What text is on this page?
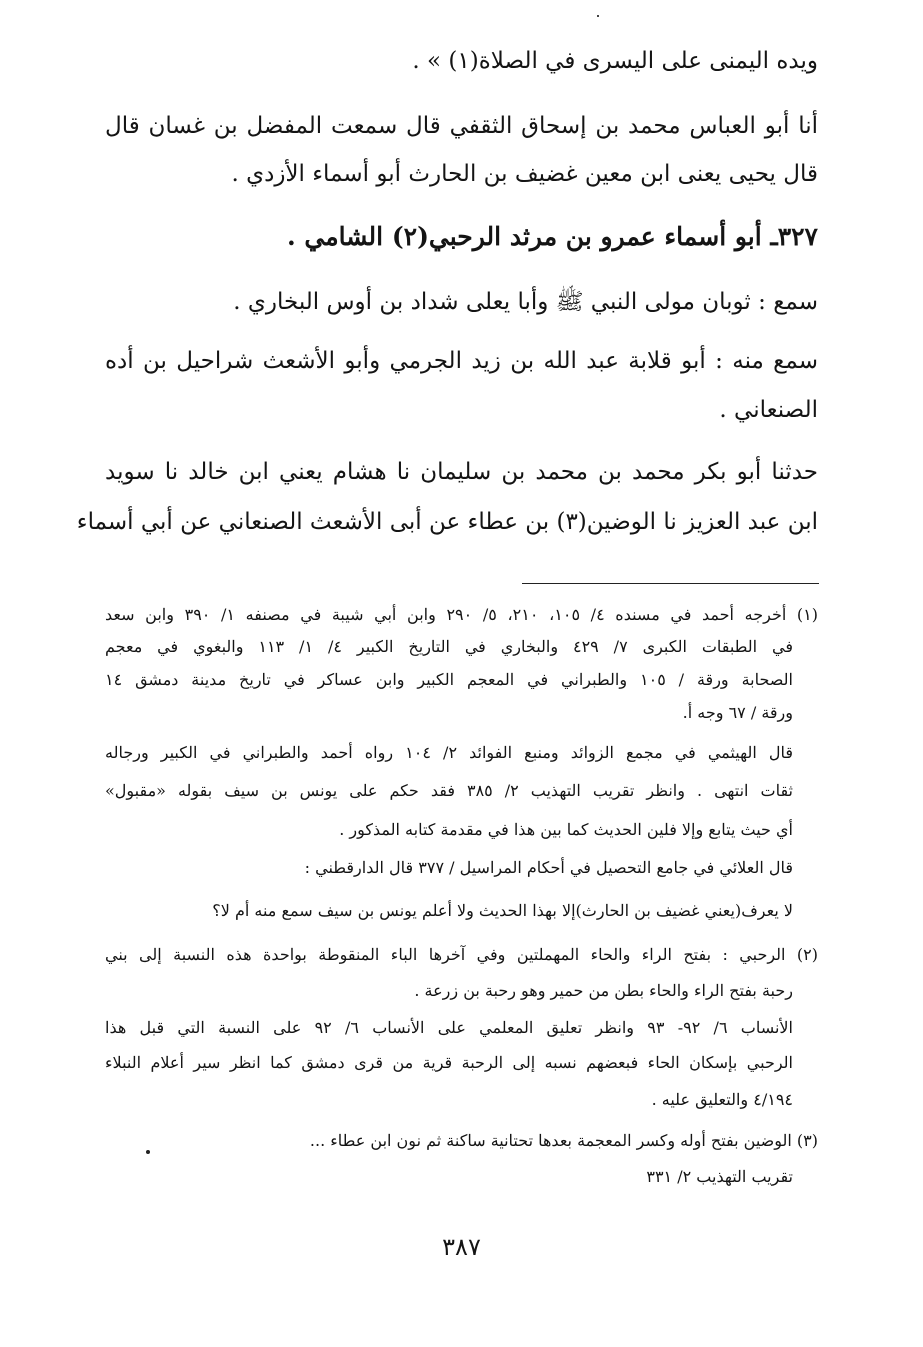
ويده اليمنى على اليسرى في الصلاة(١) » .

أنا أبو العباس محمد بن إسحاق الثقفي قال سمعت المفضل بن غسان قال

قال يحيى يعنى ابن معين غضيف بن الحارث أبو أسماء الأزدي .

٣٢٧ـ أبو أسماء عمرو بن مرثد الرحبي(٢) الشامي .

سمع : ثوبان مولى النبي ﷺ وأبا يعلى شداد بن أوس البخاري .

سمع منه : أبو قلابة عبد الله بن زيد الجرمي وأبو الأشعث شراحيل بن أده

الصنعاني .

حدثنا أبو بكر محمد بن محمد بن سليمان نا هشام يعني ابن خالد نا سويد

ابن عبد العزيز نا الوضين(٣) بن عطاء عن أبى الأشعث الصنعاني عن أبي أسماء

(١) أخرجه أحمد في مسنده ٤/ ١٠٥، ٢١٠، ٥/ ٢٩٠ وابن أبي شيبة في مصنفه ١/ ٣٩٠ وابن سعد

في الطبقات الكبرى ٧/ ٤٢٩ والبخاري في التاريخ الكبير ٤/ ١/ ١١٣ والبغوي في معجم

الصحابة ورقة / ١٠٥ والطبراني في المعجم الكبير وابن عساكر في تاريخ مدينة دمشق ١٤

ورقة / ٦٧ وجه أ.

قال الهيثمي في مجمع الزوائد ومنبع الفوائد ٢/ ١٠٤ رواه أحمد والطبراني في الكبير ورجاله

ثقات انتهى . وانظر تقريب التهذيب ٢/ ٣٨٥ فقد حكم على يونس بن سيف بقوله «مقبول»

أي حيث يتابع وإلا فلين الحديث كما بين هذا في مقدمة كتابه المذكور .

قال العلائي في جامع التحصيل في أحكام المراسيل / ٣٧٧ قال الدارقطني :

لا يعرف(يعني غضيف بن الحارث)إلا بهذا الحديث ولا أعلم يونس بن سيف سمع منه أم لا؟

(٢) الرحبي : بفتح الراء والحاء المهملتين وفي آخرها الباء المنقوطة بواحدة هذه النسبة إلى بني

رحبة بفتح الراء والحاء بطن من حمير وهو رحبة بن زرعة .

الأنساب ٦/ ٩٢- ٩٣ وانظر تعليق المعلمي على الأنساب ٦/ ٩٢ على النسبة التي قبل هذا

الرحبي بإسكان الحاء فبعضهم نسبه إلى الرحبة قرية من قرى دمشق كما انظر سير أعلام النبلاء

٤/١٩٤ والتعليق عليه .

(٣) الوضين بفتح أوله وكسر المعجمة بعدها تحتانية ساكنة ثم نون ابن عطاء ...

تقريب التهذيب ٢/ ٣٣١

٣٨٧
